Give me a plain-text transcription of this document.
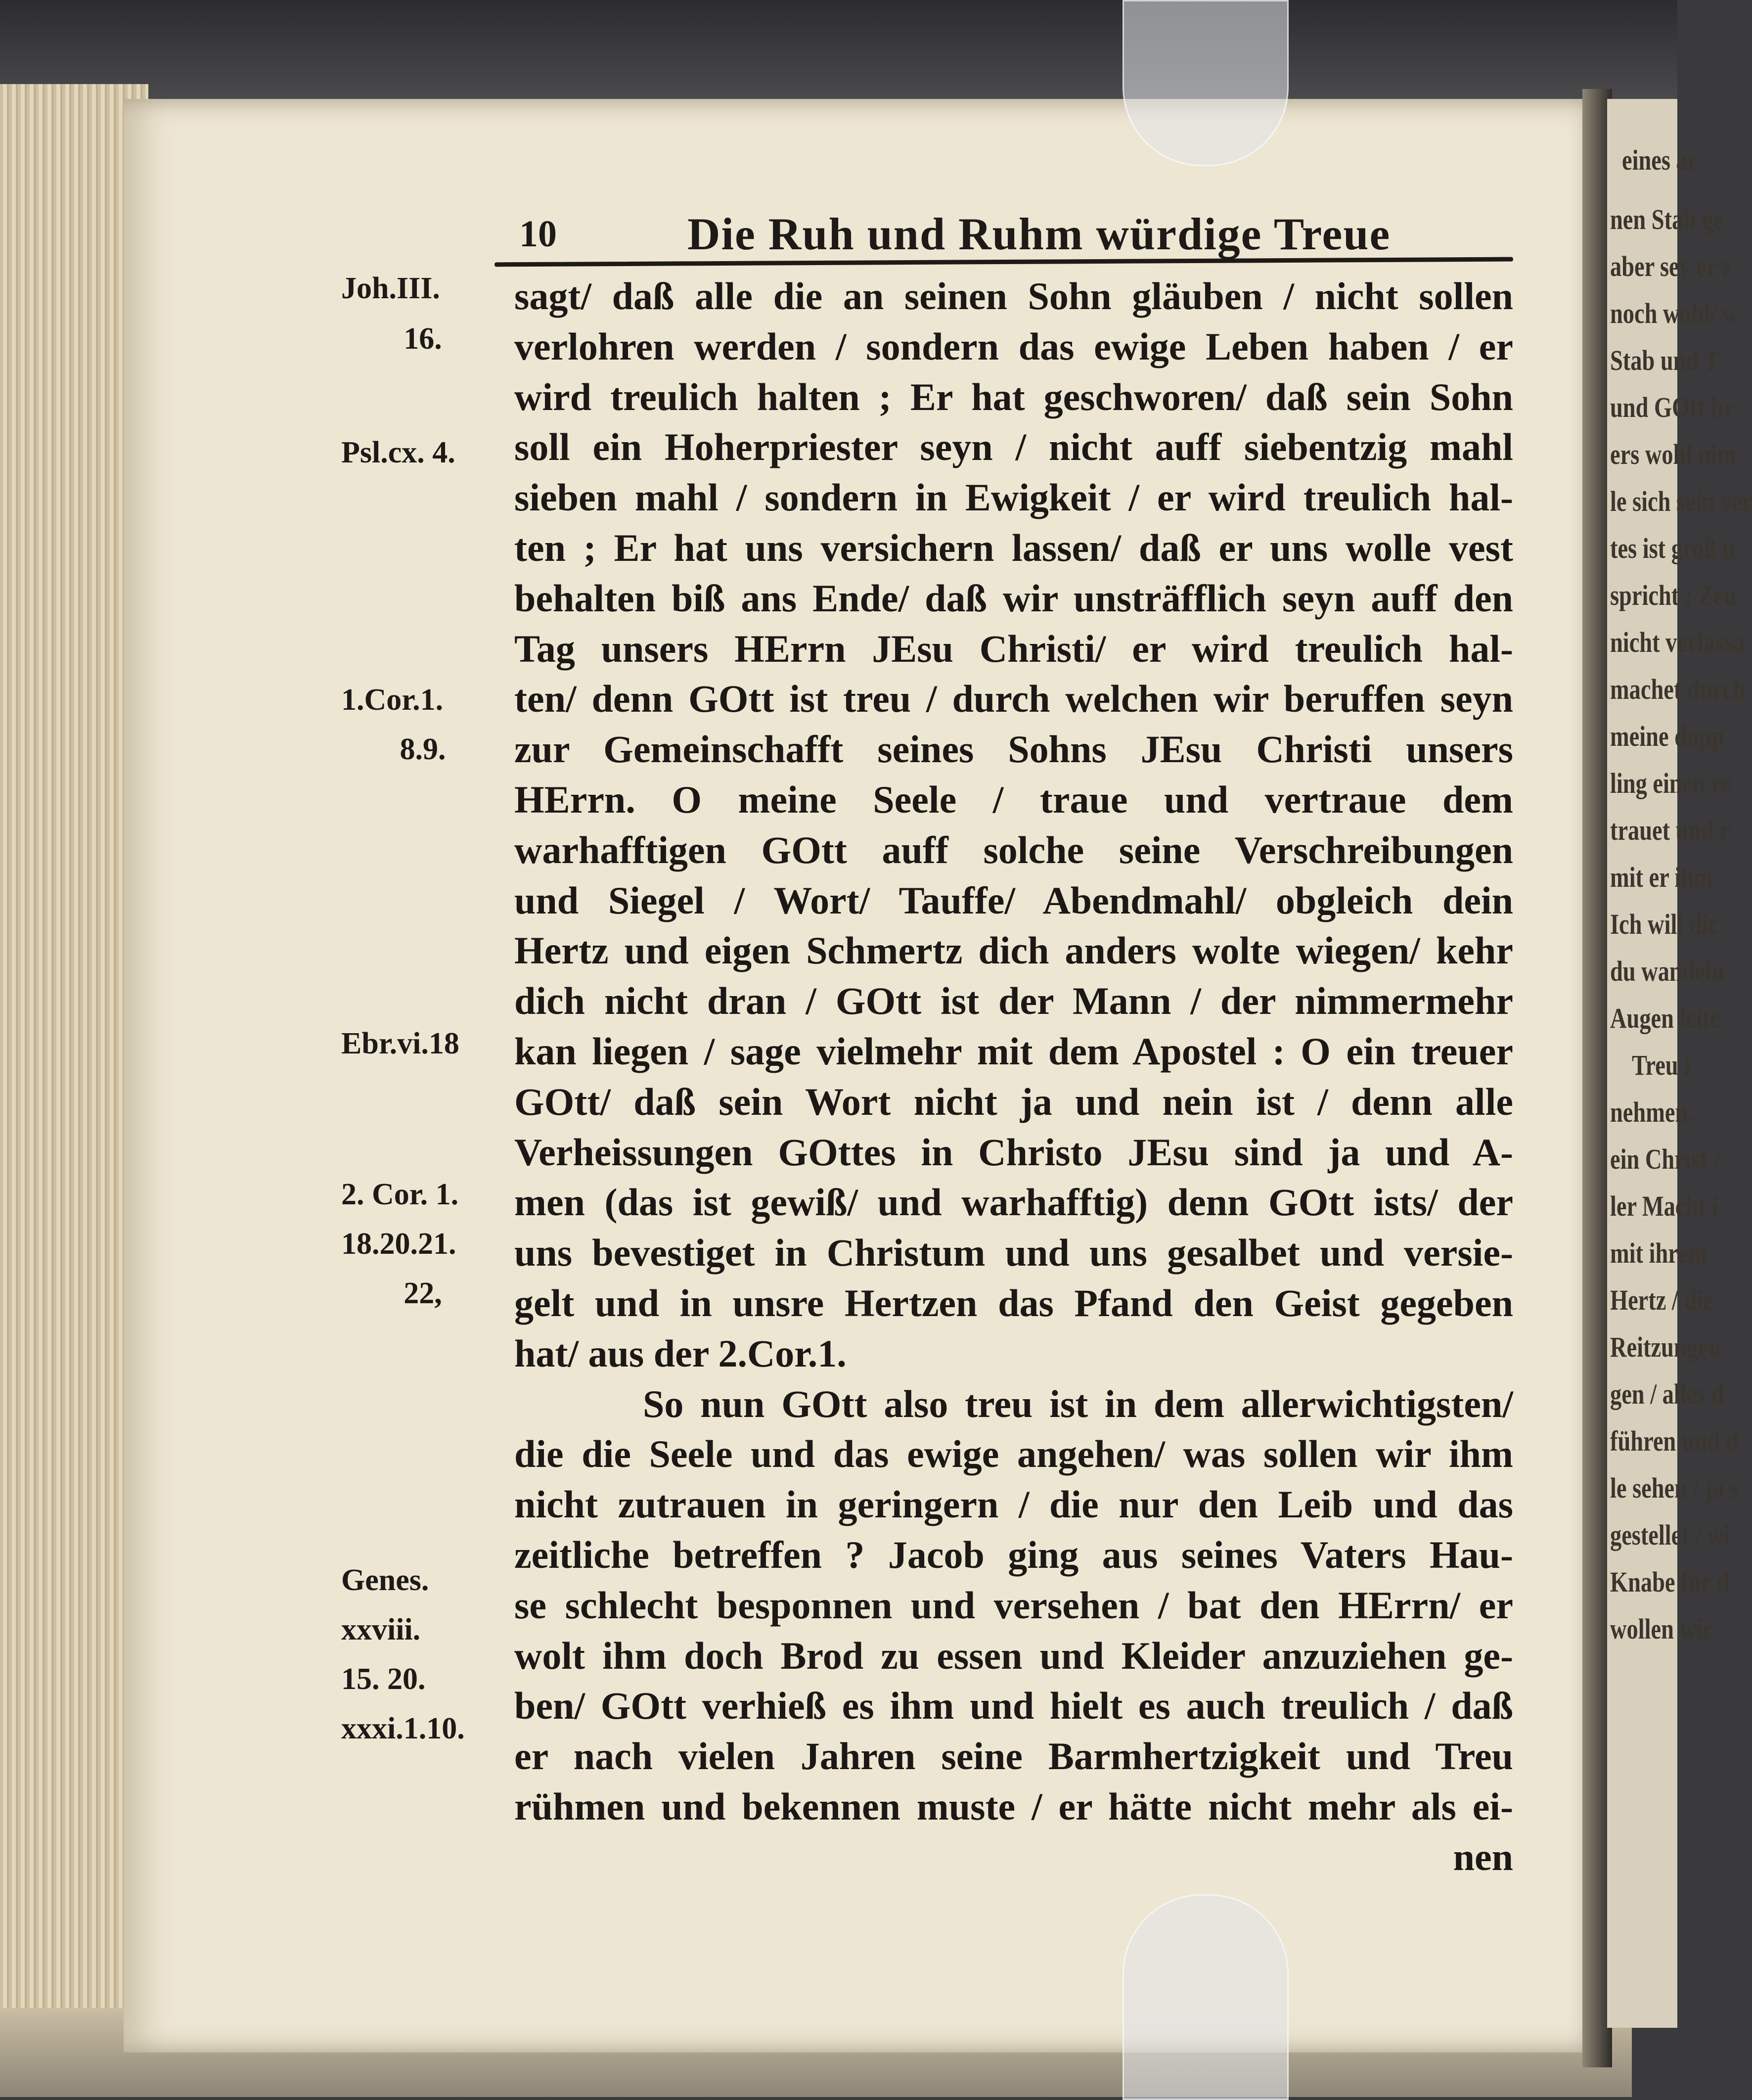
eines ar
nen Stab ge
aber sey er z
noch wohl/ w
Stab und T
und GOtt br
ers wohl nim
le sich sein ver
tes ist groß u
spricht : Zeu
nicht verlassa
machet durch
meine dopp
ling einen re
trauet und r
mit er ihm
Ich will dic
du wandeln
Augen leite
Treu i
nehmen.
ein Christ /
ler Macht i
mit ihrem
Hertz / die
Reitzungen
gen / alles d
führen und d
le sehen / ja s
gestellet / wi
Knabe für d
wollen wir
10	Die Ruh und Ruhm würdige Treue
sagt/ daß alle die an seinen Sohn gläuben / nicht sollen
verlohren werden / sondern das ewige Leben haben / er
wird treulich halten ; Er hat geschworen/ daß sein Sohn
soll ein Hoherpriester seyn / nicht auff siebentzig mahl
sieben mahl / sondern in Ewigkeit / er wird treulich hal-
ten ; Er hat uns versichern lassen/ daß er uns wolle vest
behalten biß ans Ende/ daß wir unsträfflich seyn auff den
Tag unsers HErrn JEsu Christi/ er wird treulich hal-
ten/ denn GOtt ist treu / durch welchen wir beruffen seyn
zur Gemeinschafft seines Sohns JEsu Christi unsers
HErrn. O meine Seele / traue und vertraue dem
warhafftigen GOtt auff solche seine Verschreibungen
und Siegel / Wort/ Tauffe/ Abendmahl/ obgleich dein
Hertz und eigen Schmertz dich anders wolte wiegen/ kehr
dich nicht dran / GOtt ist der Mann / der nimmermehr
kan liegen / sage vielmehr mit dem Apostel : O ein treuer
GOtt/ daß sein Wort nicht ja und nein ist / denn alle
Verheissungen GOttes in Christo JEsu sind ja und A-
men (das ist gewiß/ und warhafftig) denn GOtt ists/ der
uns bevestiget in Christum und uns gesalbet und versie-
gelt und in unsre Hertzen das Pfand den Geist gegeben
hat/ aus der 2.Cor.1.
So nun GOtt also treu ist in dem allerwichtigsten/
die die Seele und das ewige angehen/ was sollen wir ihm
nicht zutrauen in geringern / die nur den Leib und das
zeitliche betreffen ? Jacob ging aus seines Vaters Hau-
se schlecht besponnen und versehen / bat den HErrn/ er
wolt ihm doch Brod zu essen und Kleider anzuziehen ge-
ben/ GOtt verhieß es ihm und hielt es auch treulich / daß
er nach vielen Jahren seine Barmhertzigkeit und Treu
rühmen und bekennen muste / er hätte nicht mehr als ei-
nen
Joh.III.
16.
Psl.cx. 4.
1.Cor.1.
8.9.
Ebr.vi.18
2. Cor. 1.
18.20.21.
22,
Genes.
xxviii.
15. 20.
xxxi.1.10.
